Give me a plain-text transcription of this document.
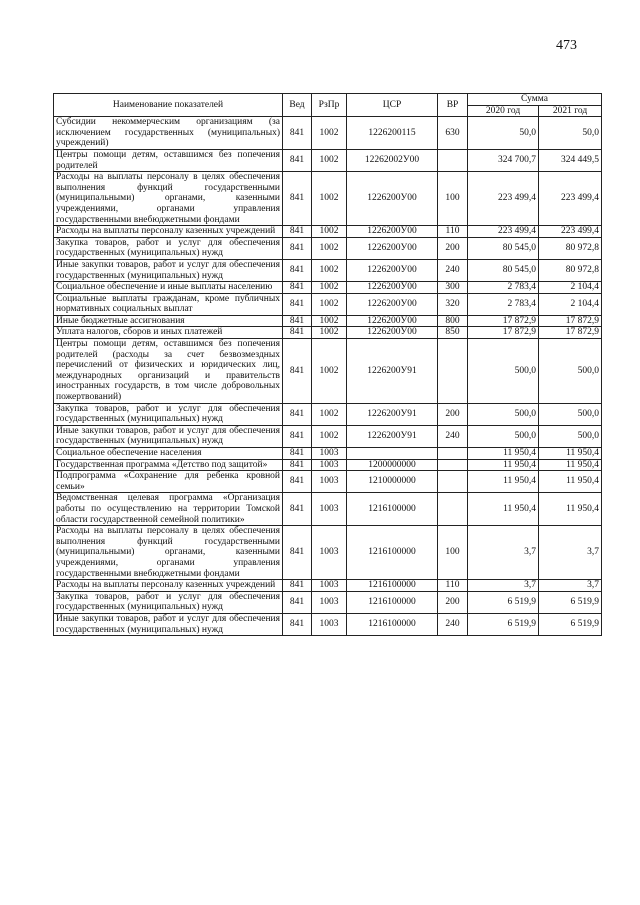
473
Наименование показателей	Вед	РзПр	ЦСР	ВР	Сумма	
					2020 год	2021 год
Субсидии некоммерческим организациям (за исключением государственных (муниципальных) учреждений)	841	1002	1226200115	630	50,0	50,0
Центры помощи детям, оставшимся без попечения родителей	841	1002	12262002У00		324 700,7	324 449,5
Расходы на выплаты персоналу в целях обеспечения выполнения функций государственными (муниципальными) органами, казенными учреждениями, органами управления государственными внебюджетными фондами	841	1002	1226200У00	100	223 499,4	223 499,4
Расходы на выплаты персоналу казенных учреждений	841	1002	1226200У00	110	223 499,4	223 499,4
Закупка товаров, работ и услуг для обеспечения государственных (муниципальных) нужд	841	1002	1226200У00	200	80 545,0	80 972,8
Иные закупки товаров, работ и услуг для обеспечения государственных (муниципальных) нужд	841	1002	1226200У00	240	80 545,0	80 972,8
Социальное обеспечение и иные выплаты населению	841	1002	1226200У00	300	2 783,4	2 104,4
Социальные выплаты гражданам, кроме публичных нормативных социальных выплат	841	1002	1226200У00	320	2 783,4	2 104,4
Иные бюджетные ассигнования	841	1002	1226200У00	800	17 872,9	17 872,9
Уплата налогов, сборов и иных платежей	841	1002	1226200У00	850	17 872,9	17 872,9
Центры помощи детям, оставшимся без попечения родителей (расходы за счет безвозмездных перечислений от физических и юридических лиц, международных организаций и правительств иностранных государств, в том числе добровольных пожертвований)	841	1002	1226200У91		500,0	500,0
Закупка товаров, работ и услуг для обеспечения государственных (муниципальных) нужд	841	1002	1226200У91	200	500,0	500,0
Иные закупки товаров, работ и услуг для обеспечения государственных (муниципальных) нужд	841	1002	1226200У91	240	500,0	500,0
Социальное обеспечение населения	841	1003			11 950,4	11 950,4
Государственная программа «Детство под защитой»	841	1003	1200000000		11 950,4	11 950,4
Подпрограмма «Сохранение для ребенка кровной семьи»	841	1003	1210000000		11 950,4	11 950,4
Ведомственная целевая программа «Организация работы по осуществлению на территории Томской области государственной семейной политики»	841	1003	1216100000		11 950,4	11 950,4
Расходы на выплаты персоналу в целях обеспечения выполнения функций государственными (муниципальными) органами, казенными учреждениями, органами управления государственными внебюджетными фондами	841	1003	1216100000	100	3,7	3,7
Расходы на выплаты персоналу казенных учреждений	841	1003	1216100000	110	3,7	3,7
Закупка товаров, работ и услуг для обеспечения государственных (муниципальных) нужд	841	1003	1216100000	200	6 519,9	6 519,9
Иные закупки товаров, работ и услуг для обеспечения государственных (муниципальных) нужд	841	1003	1216100000	240	6 519,9	6 519,9
